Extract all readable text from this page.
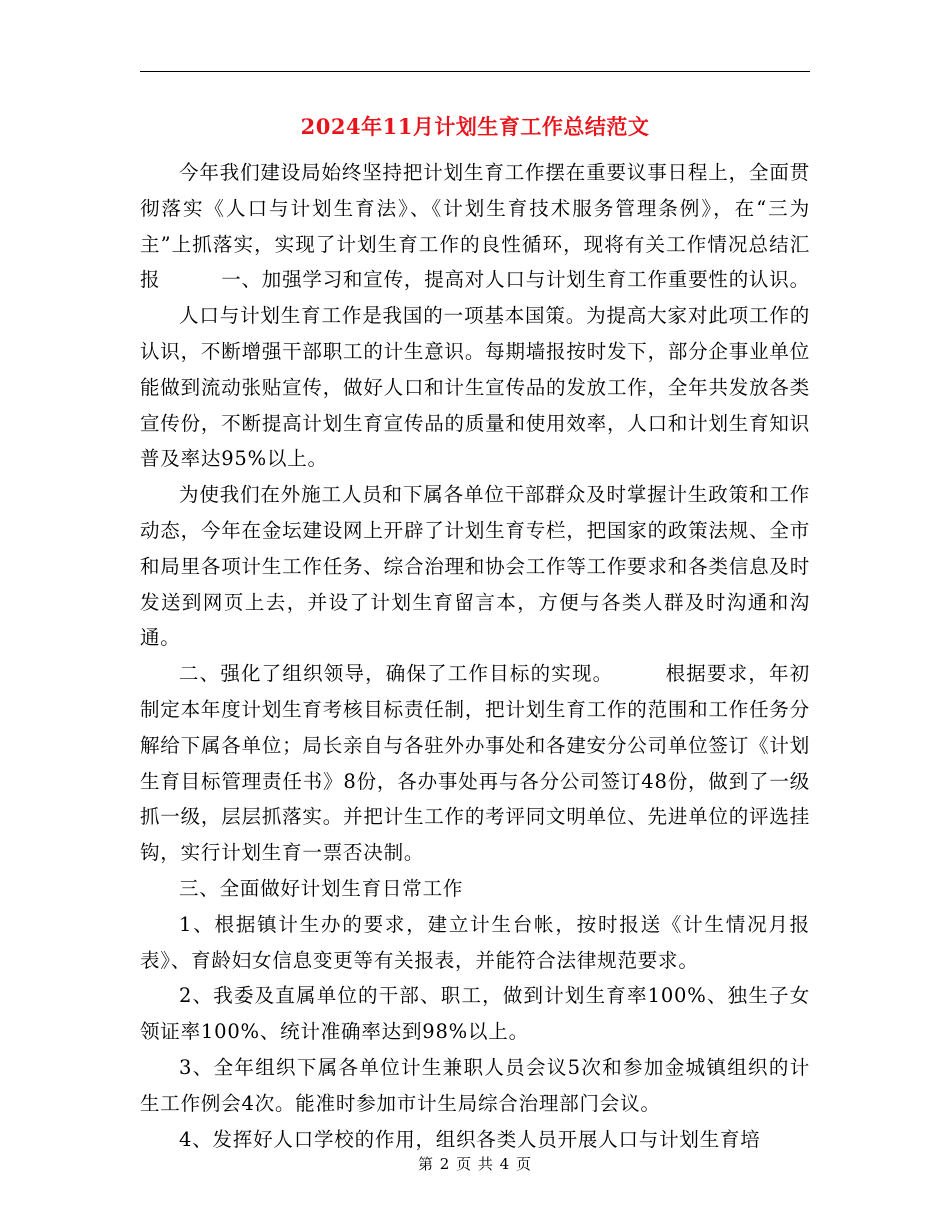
2024年11月计划生育工作总结范文

今年我们建设局始终坚持把计划生育工作摆在重要议事日程上，全面贯彻落实《人口与计划生育法》、《计划生育技术服务管理条例》，在“三为主”上抓落实，实现了计划生育工作的良性循环，现将有关工作情况总结汇报　　　一、加强学习和宣传，提高对人口与计划生育工作重要性的认识。

人口与计划生育工作是我国的一项基本国策。为提高大家对此项工作的认识，不断增强干部职工的计生意识。每期墙报按时发下，部分企事业单位能做到流动张贴宣传，做好人口和计生宣传品的发放工作，全年共发放各类宣传份，不断提高计划生育宣传品的质量和使用效率，人口和计划生育知识普及率达95%以上。

为使我们在外施工人员和下属各单位干部群众及时掌握计生政策和工作动态，今年在金坛建设网上开辟了计划生育专栏，把国家的政策法规、全市和局里各项计生工作任务、综合治理和协会工作等工作要求和各类信息及时发送到网页上去，并设了计划生育留言本，方便与各类人群及时沟通和沟通。

二、强化了组织领导，确保了工作目标的实现。　　　根据要求，年初制定本年度计划生育考核目标责任制，把计划生育工作的范围和工作任务分解给下属各单位；局长亲自与各驻外办事处和各建安分公司单位签订《计划生育目标管理责任书》8份，各办事处再与各分公司签订48份，做到了一级抓一级，层层抓落实。并把计生工作的考评同文明单位、先进单位的评选挂钩，实行计划生育一票否决制。

三、全面做好计划生育日常工作

1、根据镇计生办的要求，建立计生台帐，按时报送《计生情况月报表》、育龄妇女信息变更等有关报表，并能符合法律规范要求。

2、我委及直属单位的干部、职工，做到计划生育率100%、独生子女领证率100%、统计准确率达到98%以上。

3、全年组织下属各单位计生兼职人员会议5次和参加金城镇组织的计生工作例会4次。能准时参加市计生局综合治理部门会议。

4、发挥好人口学校的作用，组织各类人员开展人口与计划生育培

第 2 页 共 4 页
